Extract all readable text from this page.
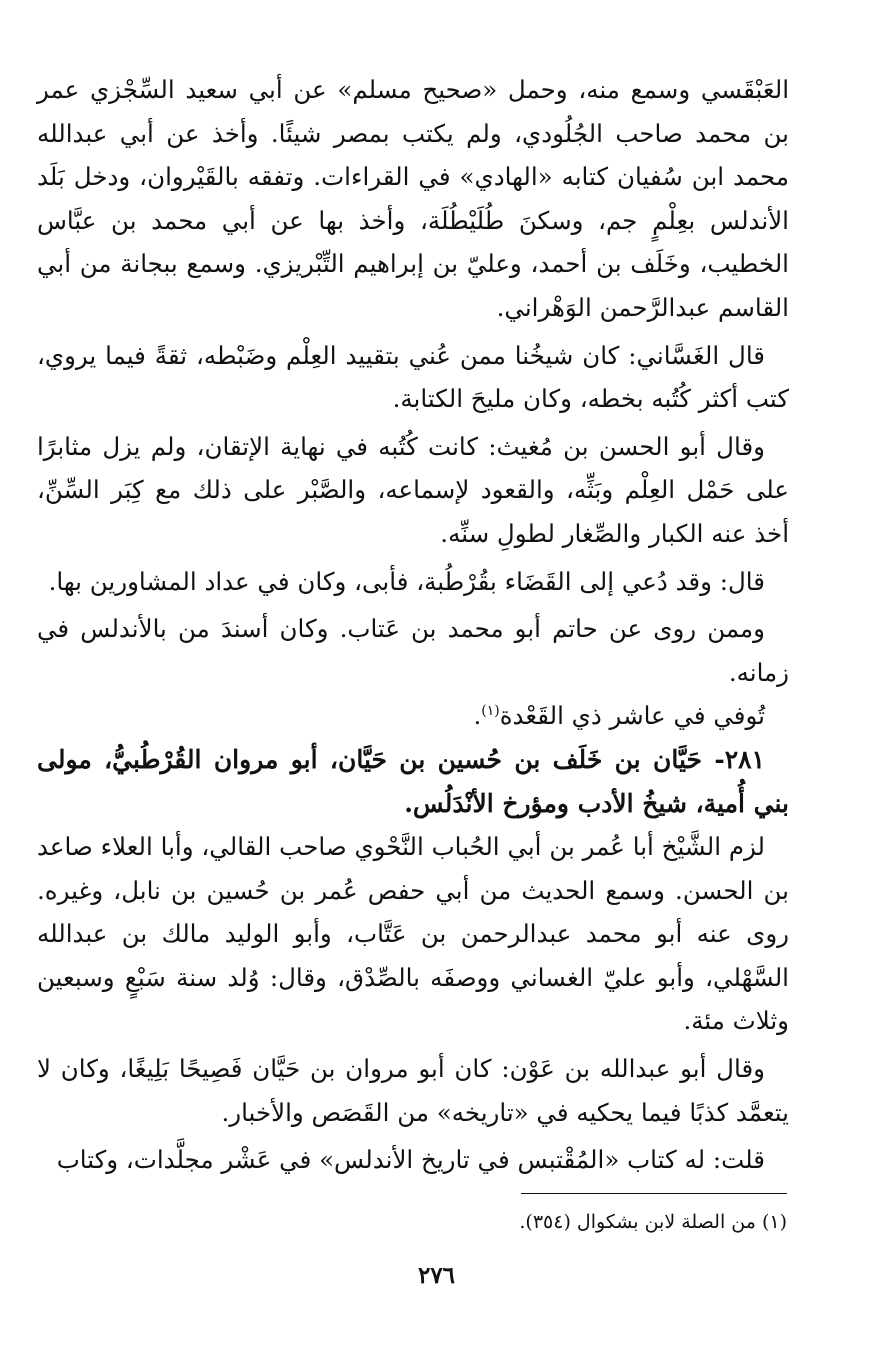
العَبْقَسي وسمع منه، وحمل «صحيح مسلم» عن أبي سعيد السِّجْزي عمر بن محمد صاحب الجُلُودي، ولم يكتب بمصر شيئًا. وأخذ عن أبي عبدالله محمد ابن سُفيان كتابه «الهادي» في القراءات. وتفقه بالقَيْروان، ودخل بَلَد الأندلس بعِلْمٍ جم، وسكنَ طُلَيْطُلَة، وأخذ بها عن أبي محمد بن عبَّاس الخطيب، وخَلَف بن أحمد، وعليّ بن إبراهيم التِّبْريزي. وسمع ببجانة من أبي القاسم عبدالرَّحمن الوَهْراني.

قال الغَسَّاني: كان شيخُنا ممن عُني بتقييد العِلْم وضَبْطه، ثقةً فيما يروي، كتب أكثر كُتُبه بخطه، وكان مليحَ الكتابة.

وقال أبو الحسن بن مُغيث: كانت كُتُبه في نهاية الإتقان، ولم يزل مثابرًا على حَمْل العِلْم وبَثِّه، والقعود لإسماعه، والصَّبْر على ذلك مع كِبَر السِّنِّ، أخذ عنه الكبار والصِّغار لطولِ سنِّه.

قال: وقد دُعي إلى القَضَاء بقُرْطُبة، فأبى، وكان في عداد المشاورين بها.

وممن روى عن حاتم أبو محمد بن عَتاب. وكان أسندَ من بالأندلس في زمانه.

تُوفي في عاشر ذي القَعْدة$^{(١)}$.

٢٨١- حَيَّان بن خَلَف بن حُسين بن حَيَّان، أبو مروان القُرْطُبيُّ، مولى بني أُمية، شيخُ الأدب ومؤرخ الأنْدَلُس.

لزم الشَّيْخ أبا عُمر بن أبي الحُباب النَّحْوي صاحب القالي، وأبا العلاء صاعد بن الحسن. وسمع الحديث من أبي حفص عُمر بن حُسين بن نابل، وغيره. روى عنه أبو محمد عبدالرحمن بن عَتَّاب، وأبو الوليد مالك بن عبدالله السَّهْلي، وأبو عليّ الغساني ووصفَه بالصِّدْق، وقال: وُلد سنة سَبْعٍ وسبعين وثلاث مئة.

وقال أبو عبدالله بن عَوْن: كان أبو مروان بن حَيَّان فَصِيحًا بَلِيغًا، وكان لا يتعمَّد كذبًا فيما يحكيه في «تاريخه» من القَصَص والأخبار.

قلت: له كتاب «المُقْتبس في تاريخ الأندلس» في عَشْر مجلَّدات، وكتاب

(١) من الصلة لابن بشكوال (٣٥٤).
٢٧٦
